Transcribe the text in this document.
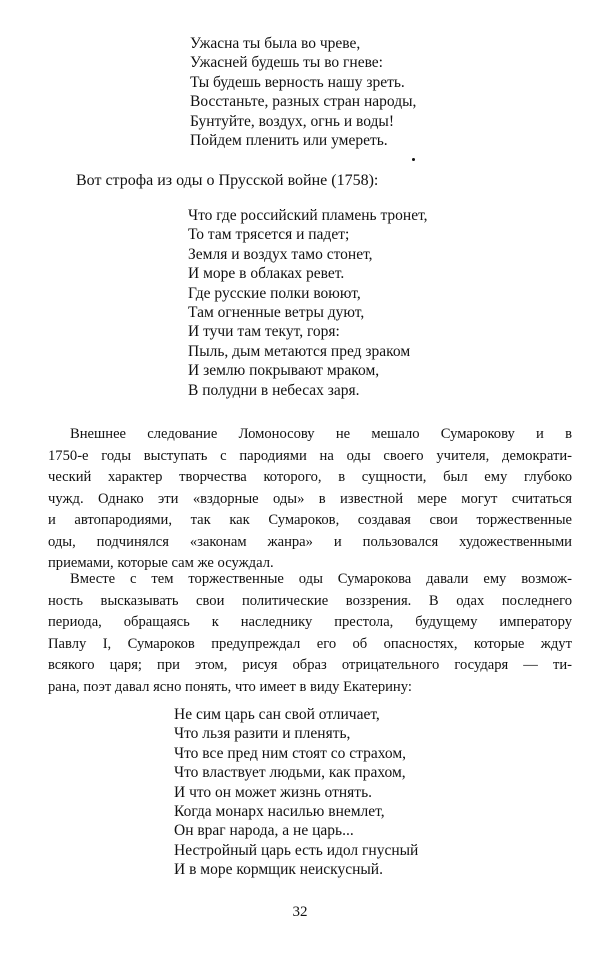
Ужасна ты была во чреве,
Ужасней будешь ты во гневе:
Ты будешь верность нашу зреть.
Восстаньте, разных стран народы,
Бунтуйте, воздух, огнь и воды!
Пойдем пленить или умереть.
Вот строфа из оды о Прусской войне (1758):
Что где российский пламень тронет,
То там трясется и падет;
Земля и воздух тамо стонет,
И море в облаках ревет.
Где русские полки воюют,
Там огненные ветры дуют,
И тучи там текут, горя:
Пыль, дым метаются пред зраком
И землю покрывают мраком,
В полудни в небесах заря.
Внешнее следование Ломоносову не мешало Сумарокову и в
1750-е годы выступать с пародиями на оды своего учителя, демократи-
ческий характер творчества которого, в сущности, был ему глубоко
чужд. Однако эти «вздорные оды» в известной мере могут считаться
и автопародиями, так как Сумароков, создавая свои торжественные
оды, подчинялся «законам жанра» и пользовался художественными
приемами, которые сам же осуждал.
Вместе с тем торжественные оды Сумарокова давали ему возмож-
ность высказывать свои политические воззрения. В одах последнего
периода, обращаясь к наследнику престола, будущему императору
Павлу I, Сумароков предупреждал его об опасностях, которые ждут
всякого царя; при этом, рисуя образ отрицательного государя — ти-
рана, поэт давал ясно понять, что имеет в виду Екатерину:
Не сим царь сан свой отличает,
Что льзя разити и пленять,
Что все пред ним стоят со страхом,
Что властвует людьми, как прахом,
И что он может жизнь отнять.
Когда монарх насилью внемлет,
Он враг народа, а не царь...
Нестройный царь есть идол гнусный
И в море кормщик неискусный.
32
